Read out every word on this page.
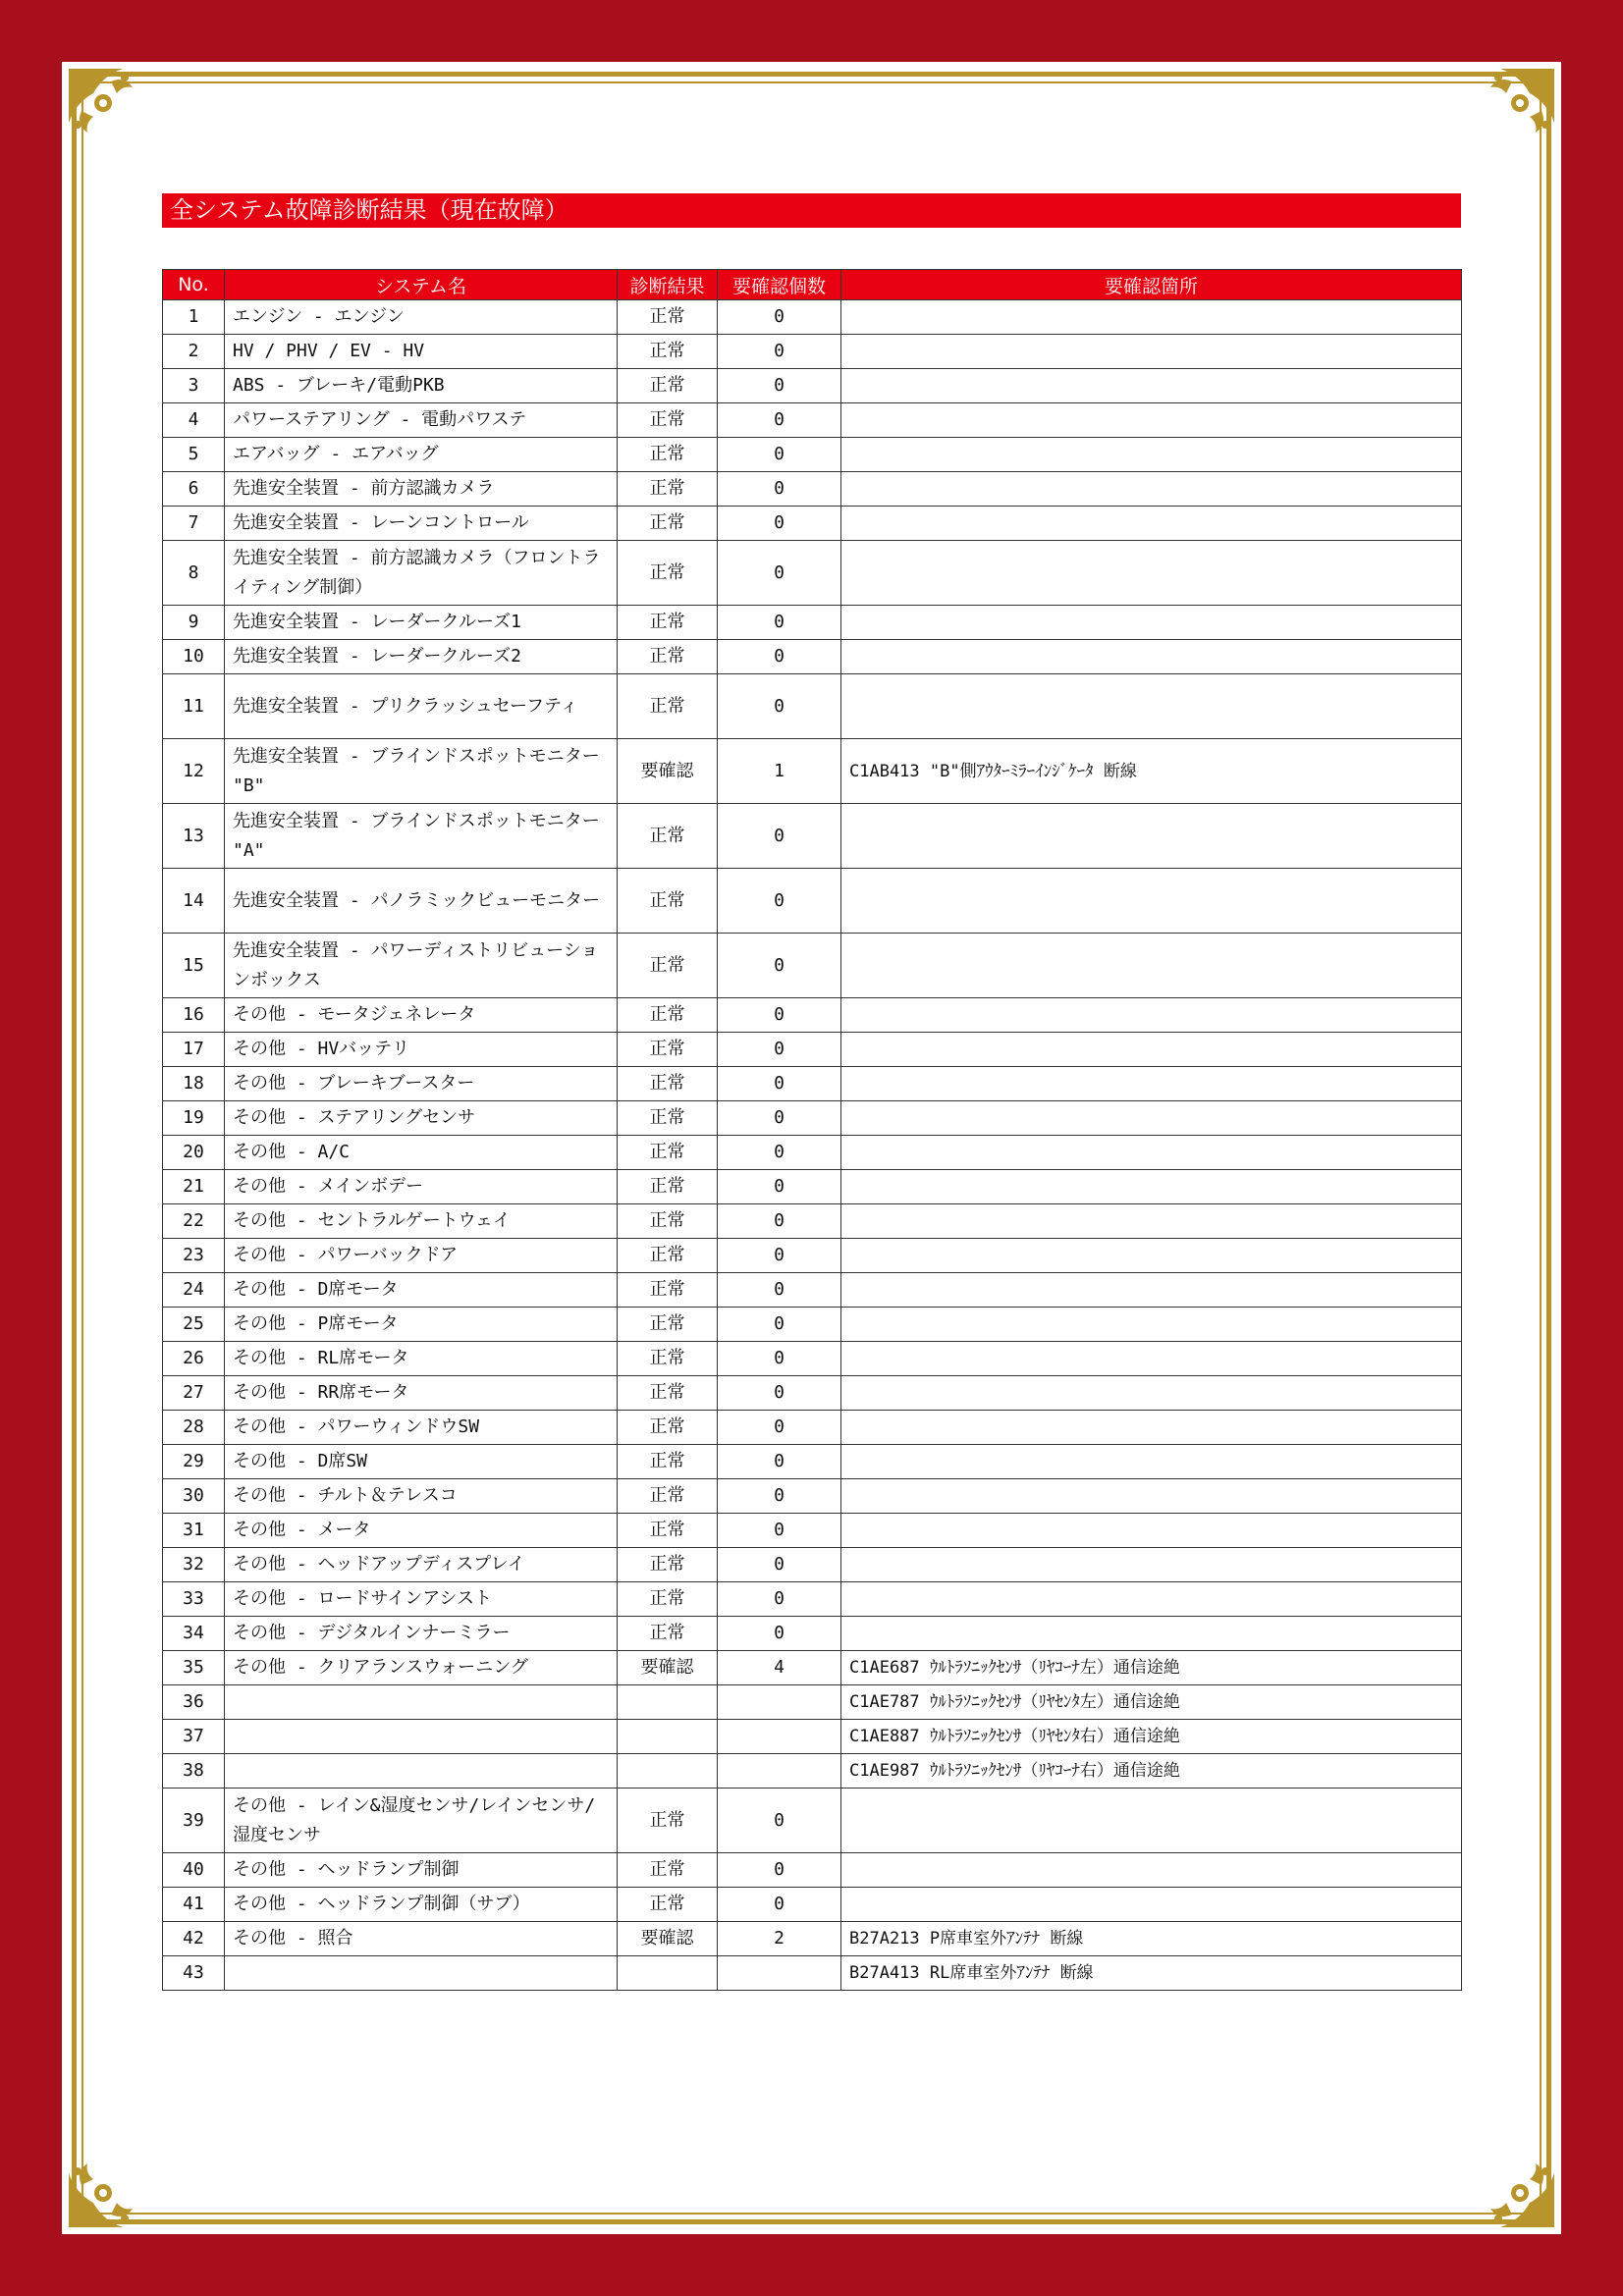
全システム故障診断結果（現在故障）
No.	システム名	診断結果	要確認個数	要確認箇所
1	エンジン - エンジン	正常	0	
2	HV / PHV / EV - HV	正常	0	
3	ABS - ブレーキ/電動PKB	正常	0	
4	パワーステアリング - 電動パワステ	正常	0	
5	エアバッグ - エアバッグ	正常	0	
6	先進安全装置 - 前方認識カメラ	正常	0	
7	先進安全装置 - レーンコントロール	正常	0	
8	先進安全装置 - 前方認識カメラ（フロントライティング制御）	正常	0	
9	先進安全装置 - レーダークルーズ1	正常	0	
10	先進安全装置 - レーダークルーズ2	正常	0	
11	先進安全装置 - プリクラッシュセーフティ	正常	0	
12	先進安全装置 - ブラインドスポットモニター "B"	要確認	1	C1AB413 "B"側ｱｳﾀｰﾐﾗｰｲﾝｼﾞｹｰﾀ 断線
13	先進安全装置 - ブラインドスポットモニター "A"	正常	0	
14	先進安全装置 - パノラミックビューモニター	正常	0	
15	先進安全装置 - パワーディストリビューションボックス	正常	0	
16	その他 - モータジェネレータ	正常	0	
17	その他 - HVバッテリ	正常	0	
18	その他 - ブレーキブースター	正常	0	
19	その他 - ステアリングセンサ	正常	0	
20	その他 - A/C	正常	0	
21	その他 - メインボデー	正常	0	
22	その他 - セントラルゲートウェイ	正常	0	
23	その他 - パワーバックドア	正常	0	
24	その他 - D席モータ	正常	0	
25	その他 - P席モータ	正常	0	
26	その他 - RL席モータ	正常	0	
27	その他 - RR席モータ	正常	0	
28	その他 - パワーウィンドウSW	正常	0	
29	その他 - D席SW	正常	0	
30	その他 - チルト＆テレスコ	正常	0	
31	その他 - メータ	正常	0	
32	その他 - ヘッドアップディスプレイ	正常	0	
33	その他 - ロードサインアシスト	正常	0	
34	その他 - デジタルインナーミラー	正常	0	
35	その他 - クリアランスウォーニング	要確認	4	C1AE687 ｳﾙﾄﾗｿﾆｯｸｾﾝｻ（ﾘﾔｺｰﾅ左）通信途絶
36				C1AE787 ｳﾙﾄﾗｿﾆｯｸｾﾝｻ（ﾘﾔｾﾝﾀ左）通信途絶
37				C1AE887 ｳﾙﾄﾗｿﾆｯｸｾﾝｻ（ﾘﾔｾﾝﾀ右）通信途絶
38				C1AE987 ｳﾙﾄﾗｿﾆｯｸｾﾝｻ（ﾘﾔｺｰﾅ右）通信途絶
39	その他 - レイン&湿度センサ/レインセンサ/湿度センサ	正常	0	
40	その他 - ヘッドランプ制御	正常	0	
41	その他 - ヘッドランプ制御（サブ）	正常	0	
42	その他 - 照合	要確認	2	B27A213 P席車室外ｱﾝﾃﾅ 断線
43				B27A413 RL席車室外ｱﾝﾃﾅ 断線
